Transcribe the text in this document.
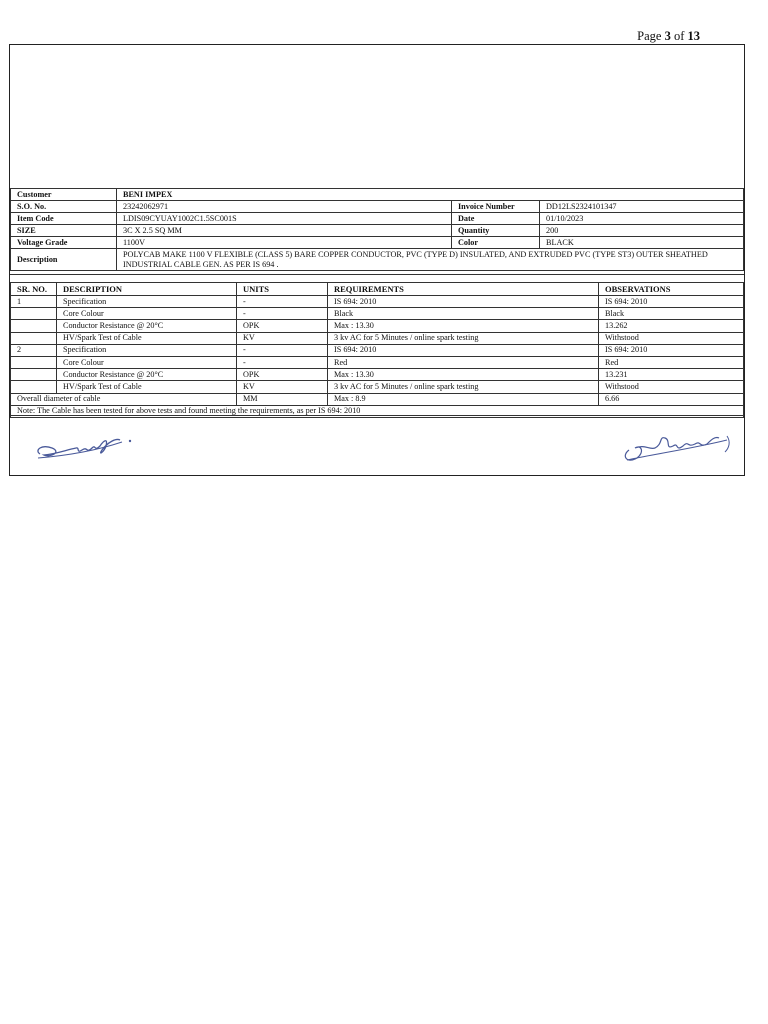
Page 3 of 13
Customer	BENI IMPEX		
S.O. No.	23242062971	Invoice Number	DD12LS2324101347
Item Code	LDIS09CYUAY1002C1.5SC001S	Date	01/10/2023
SIZE	3C X 2.5 SQ MM	Quantity	200
Voltage Grade	1100V	Color	BLACK
Description	POLYCAB MAKE 1100 V FLEXIBLE (CLASS 5) BARE COPPER CONDUCTOR, PVC (TYPE D) INSULATED, AND EXTRUDED PVC (TYPE ST3) OUTER SHEATHED INDUSTRIAL CABLE GEN. AS PER IS 694 .		
SR. NO.	DESCRIPTION	UNITS	REQUIREMENTS	OBSERVATIONS
1	Specification	-	IS 694: 2010	IS 694: 2010
	Core Colour	-	Black	Black
	Conductor Resistance @ 20°C	OPK	Max : 13.30	13.262
	HV/Spark Test of Cable	KV	3 kv AC for 5 Minutes / online spark testing	Withstood
2	Specification	-	IS 694: 2010	IS 694: 2010
	Core Colour	-	Red	Red
	Conductor Resistance @ 20°C	OPK	Max : 13.30	13.231
	HV/Spark Test of Cable	KV	3 kv AC for 5 Minutes / online spark testing	Withstood
Overall diameter of cable		MM	Max : 8.9	6.66
Note: The Cable has been tested for above tests and found meeting the requirements, as per IS 694: 2010				
